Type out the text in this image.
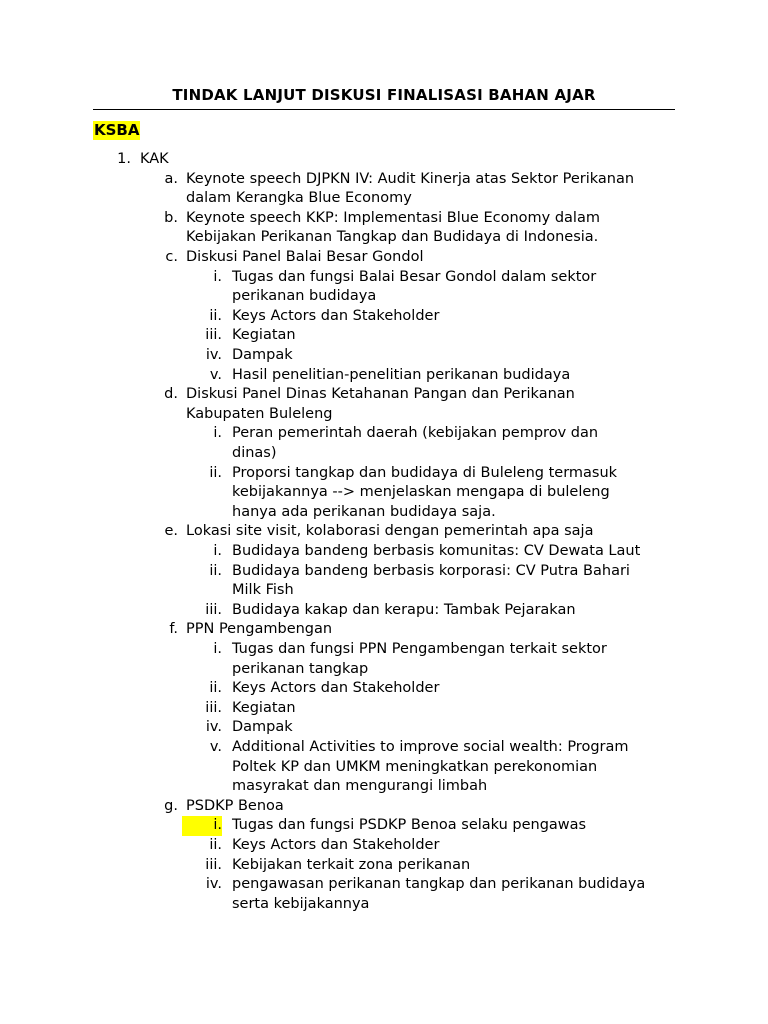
TINDAK LANJUT DISKUSI FINALISASI BAHAN AJAR
KSBA
1. KAK
a. Keynote speech DJPKN IV: Audit Kinerja atas Sektor Perikanan
dalam Kerangka Blue Economy
b. Keynote speech KKP: Implementasi Blue Economy dalam
Kebijakan Perikanan Tangkap dan Budidaya di Indonesia.
c. Diskusi Panel Balai Besar Gondol
i. Tugas dan fungsi Balai Besar Gondol dalam sektor
perikanan budidaya
ii. Keys Actors dan Stakeholder
iii. Kegiatan
iv. Dampak
v. Hasil penelitian-penelitian perikanan budidaya
d. Diskusi Panel Dinas Ketahanan Pangan dan Perikanan
Kabupaten Buleleng
i. Peran pemerintah daerah (kebijakan pemprov dan
dinas)
ii. Proporsi tangkap dan budidaya di Buleleng termasuk
kebijakannya --> menjelaskan mengapa di buleleng
hanya ada perikanan budidaya saja.
e. Lokasi site visit, kolaborasi dengan pemerintah apa saja
i. Budidaya bandeng berbasis komunitas: CV Dewata Laut
ii. Budidaya bandeng berbasis korporasi: CV Putra Bahari
Milk Fish
iii. Budidaya kakap dan kerapu: Tambak Pejarakan
f. PPN Pengambengan
i. Tugas dan fungsi PPN Pengambengan terkait sektor
perikanan tangkap
ii. Keys Actors dan Stakeholder
iii. Kegiatan
iv. Dampak
v. Additional Activities to improve social wealth: Program
Poltek KP dan UMKM meningkatkan perekonomian
masyrakat dan mengurangi limbah
g. PSDKP Benoa
i. Tugas dan fungsi PSDKP Benoa selaku pengawas
ii. Keys Actors dan Stakeholder
iii. Kebijakan terkait zona perikanan
iv. pengawasan perikanan tangkap dan perikanan budidaya
serta kebijakannya
